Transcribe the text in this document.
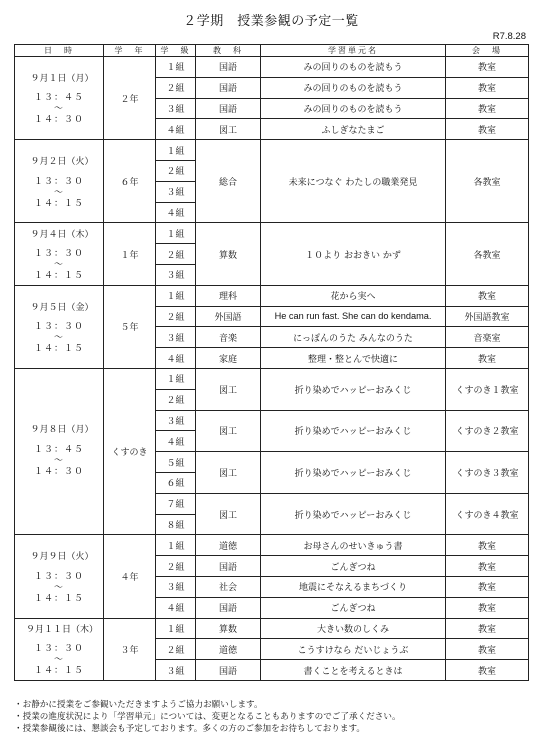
２学期　授業参観の予定一覧
R7.8.28
日　時	学　年	学　級	教　科	学習単元名	会　場

９月１日（月）
１３：４５
〜
１４：３０	２年	１組	国語	みの回りのものを読もう	教室
		２組	国語	みの回りのものを読もう	教室
		３組	国語	みの回りのものを読もう	教室
		４組	図工	ふしぎなたまご	教室

９月２日（火）
１３：３０
〜
１４：１５	６年	１組	総合	未来につなぐ わたしの職業発見	各教室
		２組			
		３組			
		４組			

９月４日（木）
１３：３０
〜
１４：１５	１年	１組	算数	１０より おおきい かず	各教室
		２組			
		３組			

９月５日（金）
１３：３０
〜
１４：１５	５年	１組	理科	花から実へ	教室
		２組	外国語	He can run fast. She can do kendama.	外国語教室
		３組	音楽	にっぽんのうた みんなのうた	音楽室
		４組	家庭	整理・整とんで快適に	教室

９月８日（月）
１３：４５
〜
１４：３０	くすのき	１組	図工	折り染めでハッピーおみくじ	くすのき１教室
		２組			
		３組	図工	折り染めでハッピーおみくじ	くすのき２教室
		４組			
		５組	図工	折り染めでハッピーおみくじ	くすのき３教室
		６組			
		７組	図工	折り染めでハッピーおみくじ	くすのき４教室
		８組			

９月９日（火）
１３：３０
〜
１４：１５	４年	１組	道徳	お母さんのせいきゅう書	教室
		２組	国語	ごんぎつね	教室
		３組	社会	地震にそなえるまちづくり	教室
		４組	国語	ごんぎつね	教室

９月１１日（木）
１３：３０
〜
１４：１５	３年	１組	算数	大きい数のしくみ	教室
		２組	道徳	こうすけなら だいじょうぶ	教室
		３組	国語	書くことを考えるときは	教室
・お静かに授業をご参観いただきますようご協力お願いします。
・授業の進度状況により「学習単元」については、変更となることもありますのでご了承ください。
・授業参観後には、懇談会も予定しております。多くの方のご参加をお待ちしております。
